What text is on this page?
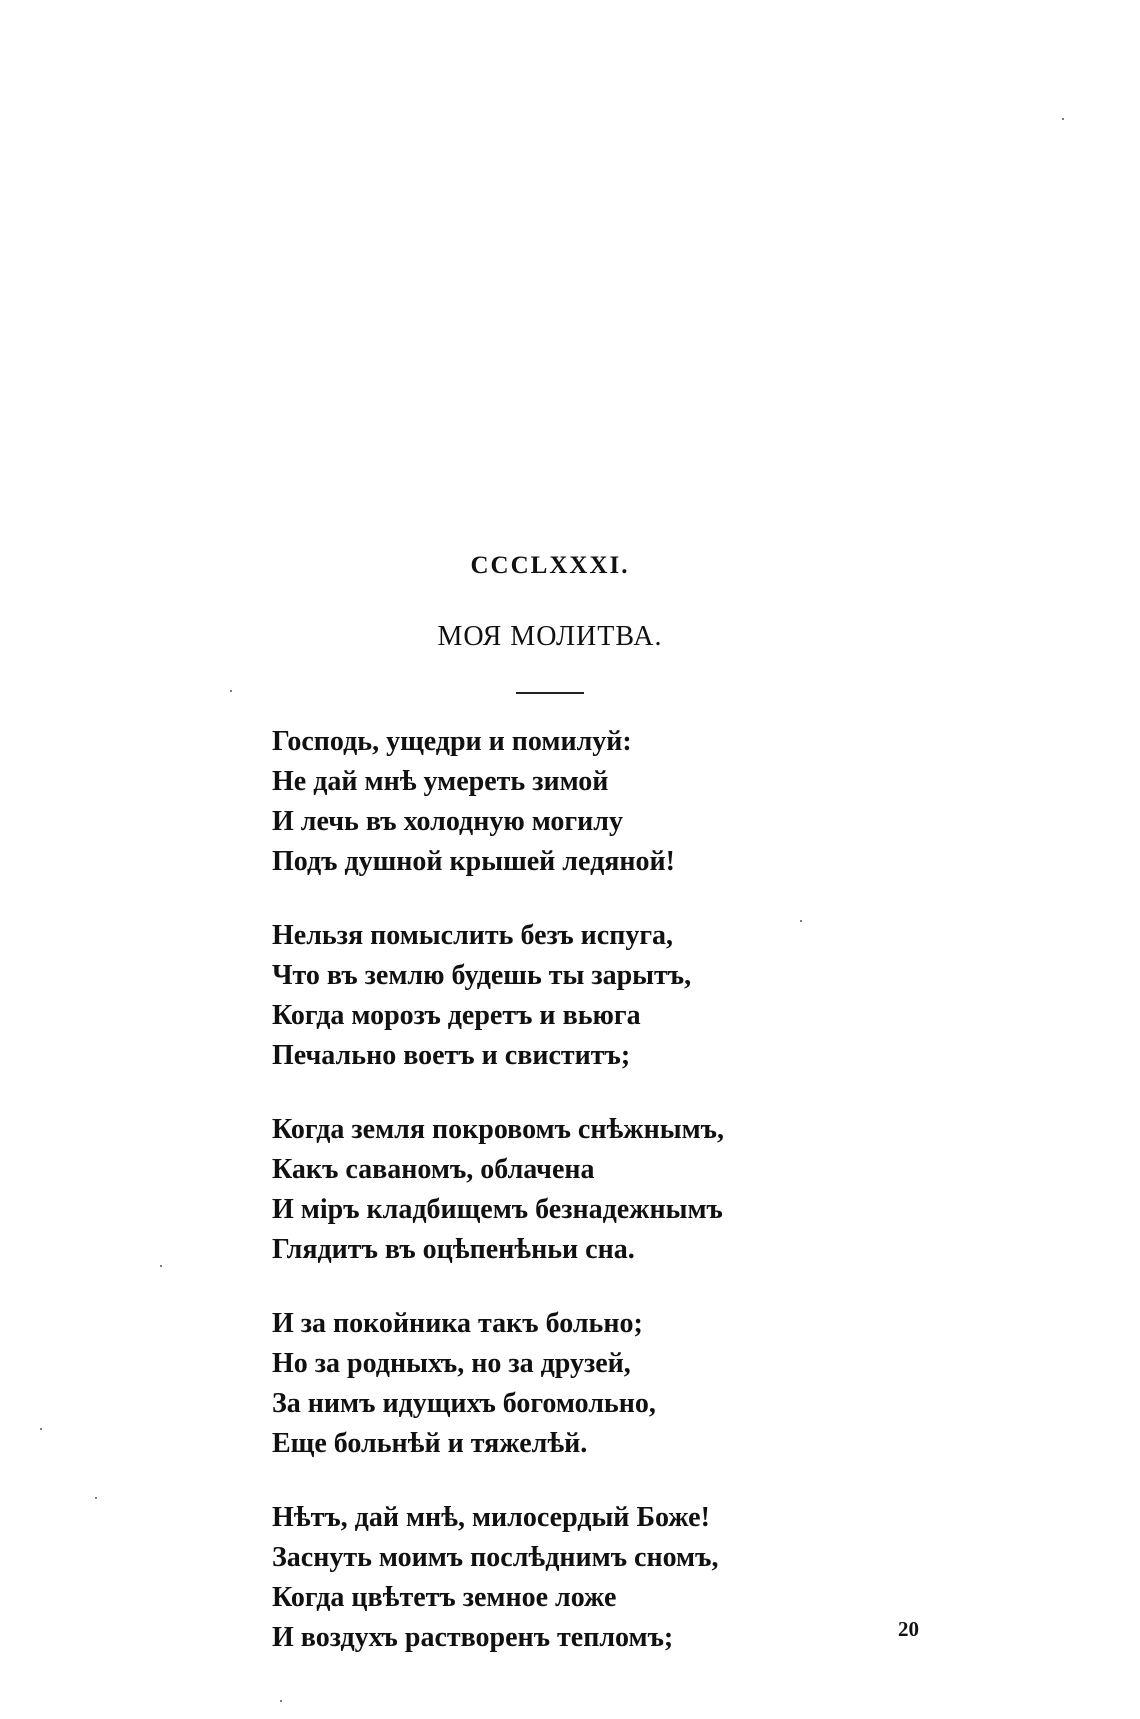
CCCLXXXI.
МОЯ МОЛИТВА.
Господь, ущедри и помилуй:
Не дай мнѣ умереть зимой
И лечь въ холодную могилу
Подъ душной крышей ледяной!
Нельзя помыслить безъ испуга,
Что въ землю будешь ты зарытъ,
Когда морозъ деретъ и вьюга
Печально воетъ и свиститъ;
Когда земля покровомъ снѣжнымъ,
Какъ саваномъ, облачена
И міръ кладбищемъ безнадежнымъ
Глядитъ въ оцѣпенѣньи сна.
И за покойника такъ больно;
Но за родныхъ, но за друзей,
За нимъ идущихъ богомольно,
Еще больнѣй и тяжелѣй.
Нѣтъ, дай мнѣ, милосердый Боже!
Заснуть моимъ послѣднимъ сномъ,
Когда цвѣтетъ земное ложе
И воздухъ растворенъ тепломъ;	20
